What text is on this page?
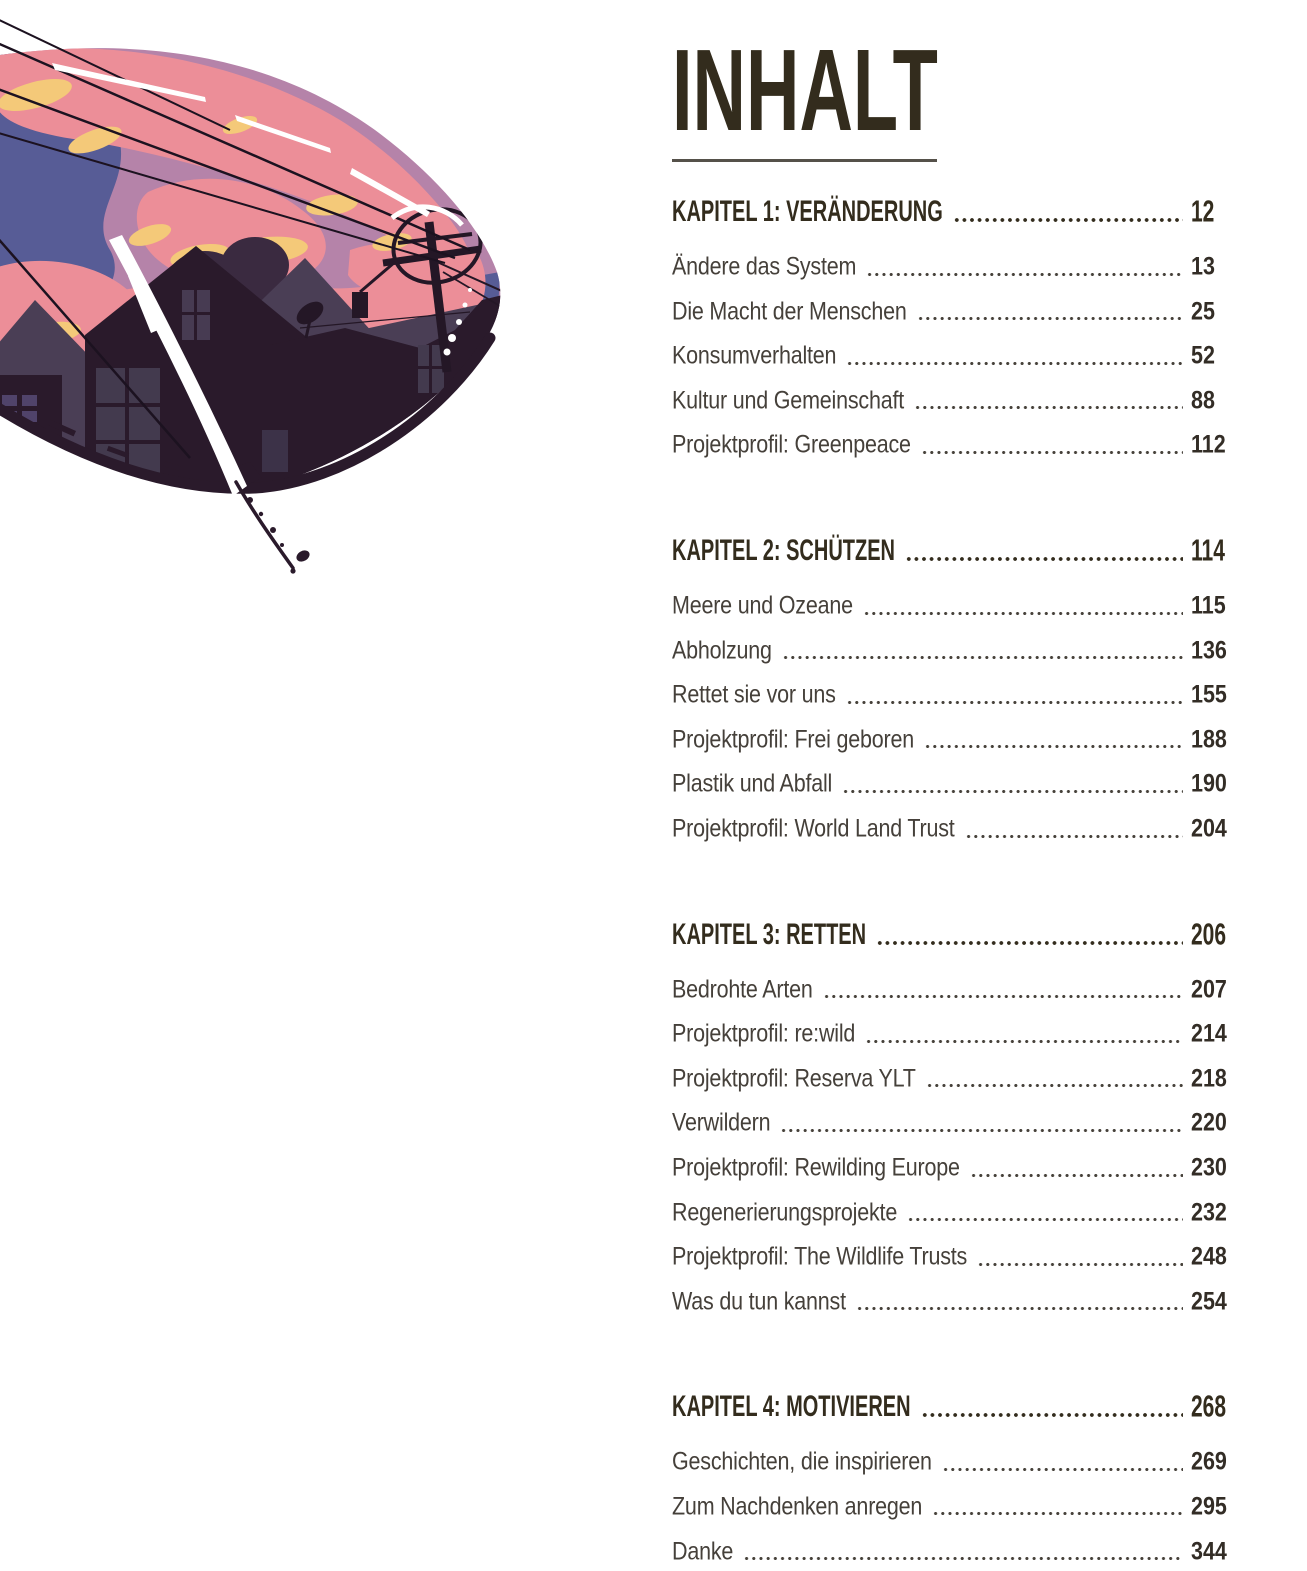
INHALT
KAPITEL 1: VERÄNDERUNG	12
Ändere das System	13
Die Macht der Menschen	25
Konsumverhalten	52
Kultur und Gemeinschaft	88
Projektprofil: Greenpeace	112
KAPITEL 2: SCHÜTZEN	114
Meere und Ozeane	115
Abholzung	136
Rettet sie vor uns	155
Projektprofil: Frei geboren	188
Plastik und Abfall	190
Projektprofil: World Land Trust	204
KAPITEL 3: RETTEN	206
Bedrohte Arten	207
Projektprofil: re:wild	214
Projektprofil: Reserva YLT	218
Verwildern	220
Projektprofil: Rewilding Europe	230
Regenerierungsprojekte	232
Projektprofil: The Wildlife Trusts	248
Was du tun kannst	254
KAPITEL 4: MOTIVIEREN	268
Geschichten, die inspirieren	269
Zum Nachdenken anregen	295
Danke	344
